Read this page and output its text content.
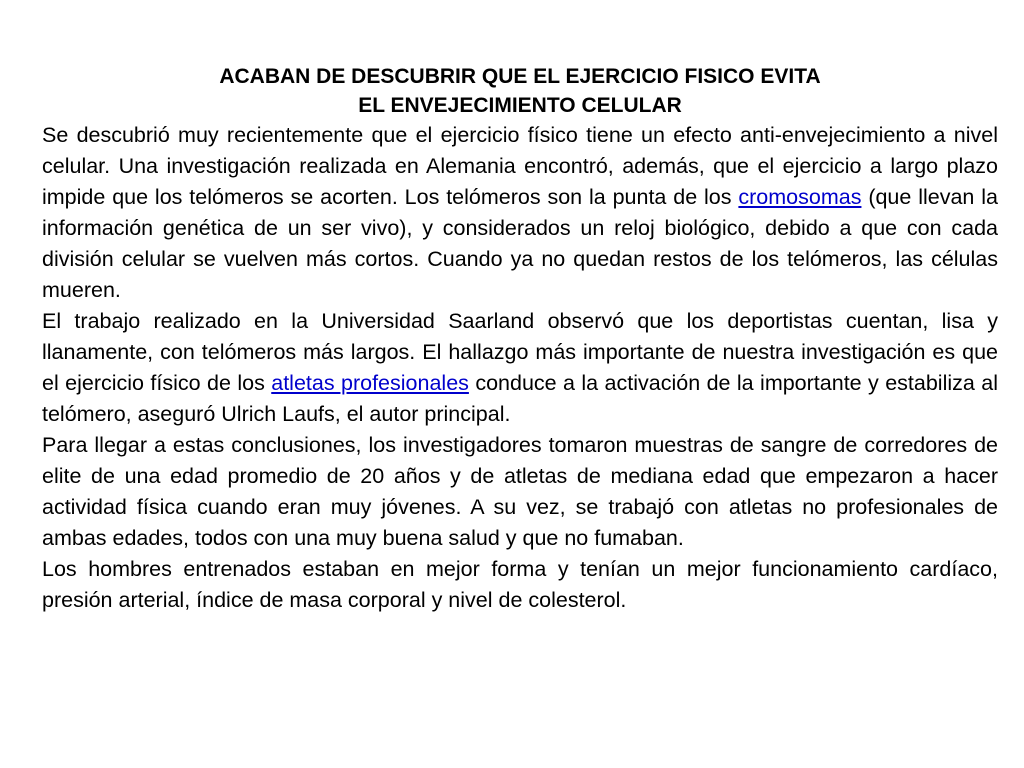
ACABAN DE DESCUBRIR QUE EL EJERCICIO FISICO EVITA
EL ENVEJECIMIENTO CELULAR

Se descubrió muy recientemente que el ejercicio físico tiene un efecto anti-envejecimiento a nivel celular. Una investigación realizada en Alemania encontró, además, que el ejercicio a largo plazo impide que los telómeros se acorten. Los telómeros son la punta de los cromosomas (que llevan la información genética de un ser vivo), y considerados un reloj biológico, debido a que con cada división celular se vuelven más cortos. Cuando ya no quedan restos de los telómeros, las células mueren.

El trabajo realizado en la Universidad Saarland observó que los deportistas cuentan, lisa y llanamente, con telómeros más largos. El hallazgo más importante de nuestra investigación es que el ejercicio físico de los atletas profesionales conduce a la activación de la importante y estabiliza al telómero, aseguró Ulrich Laufs, el autor principal.

Para llegar a estas conclusiones, los investigadores tomaron muestras de sangre de corredores de elite de una edad promedio de 20 años y de atletas de mediana edad que empezaron a hacer actividad física cuando eran muy jóvenes. A su vez, se trabajó con atletas no profesionales de ambas edades, todos con una muy buena salud y que no fumaban.

Los hombres entrenados estaban en mejor forma y tenían un mejor funcionamiento cardíaco, presión arterial, índice de masa corporal y nivel de colesterol.
